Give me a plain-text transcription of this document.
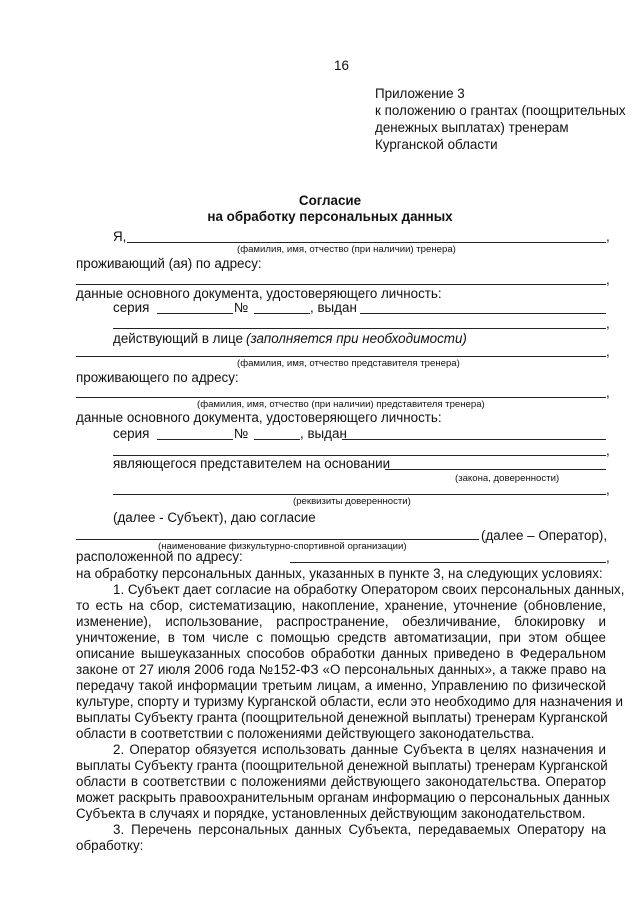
16
Приложение 3
к положению о грантах (поощрительных
денежных выплатах) тренерам
Курганской области
Согласие
на обработку персональных данных
Я,	,
(фамилия, имя, отчество (при наличии) тренера)
проживающий (ая) по адресу:
,
данные основного документа, удостоверяющего личность:
серия	№	, выдан
,
действующий в лице (заполняется при необходимости)
,
(фамилия, имя, отчество представителя тренера)
проживающего по адресу:
,
(фамилия, имя, отчество (при наличии) представителя тренера)
данные основного документа, удостоверяющего личность:
серия	№	, выдан
,
являющегося представителем на основании
(закона, доверенности)
,
(реквизиты доверенности)
(далее - Субъект), даю согласие
(далее – Оператор),
(наименование физкультурно-спортивной организации)
расположенной по адресу:	,
на обработку персональных данных, указанных в пункте 3, на следующих условиях:
1. Субъект дает согласие на обработку Оператором своих персональных данных,
то есть на сбор, систематизацию, накопление, хранение, уточнение (обновление,
изменение), использование, распространение, обезличивание, блокировку и
уничтожение, в том числе с помощью средств автоматизации, при этом общее
описание вышеуказанных способов обработки данных приведено в Федеральном
законе от 27 июля 2006 года №152-ФЗ «О персональных данных», а также право на
передачу такой информации третьим лицам, а именно, Управлению по физической
культуре, спорту и туризму Курганской области, если это необходимо для назначения и
выплаты Субъекту гранта (поощрительной денежной выплаты) тренерам Курганской
области в соответствии с положениями действующего законодательства.
2. Оператор обязуется использовать данные Субъекта в целях назначения и
выплаты Субъекту гранта (поощрительной денежной выплаты) тренерам Курганской
области в соответствии с положениями действующего законодательства. Оператор
может раскрыть правоохранительным органам информацию о персональных данных
Субъекта в случаях и порядке, установленных действующим законодательством.
3. Перечень персональных данных Субъекта, передаваемых Оператору на
обработку:
